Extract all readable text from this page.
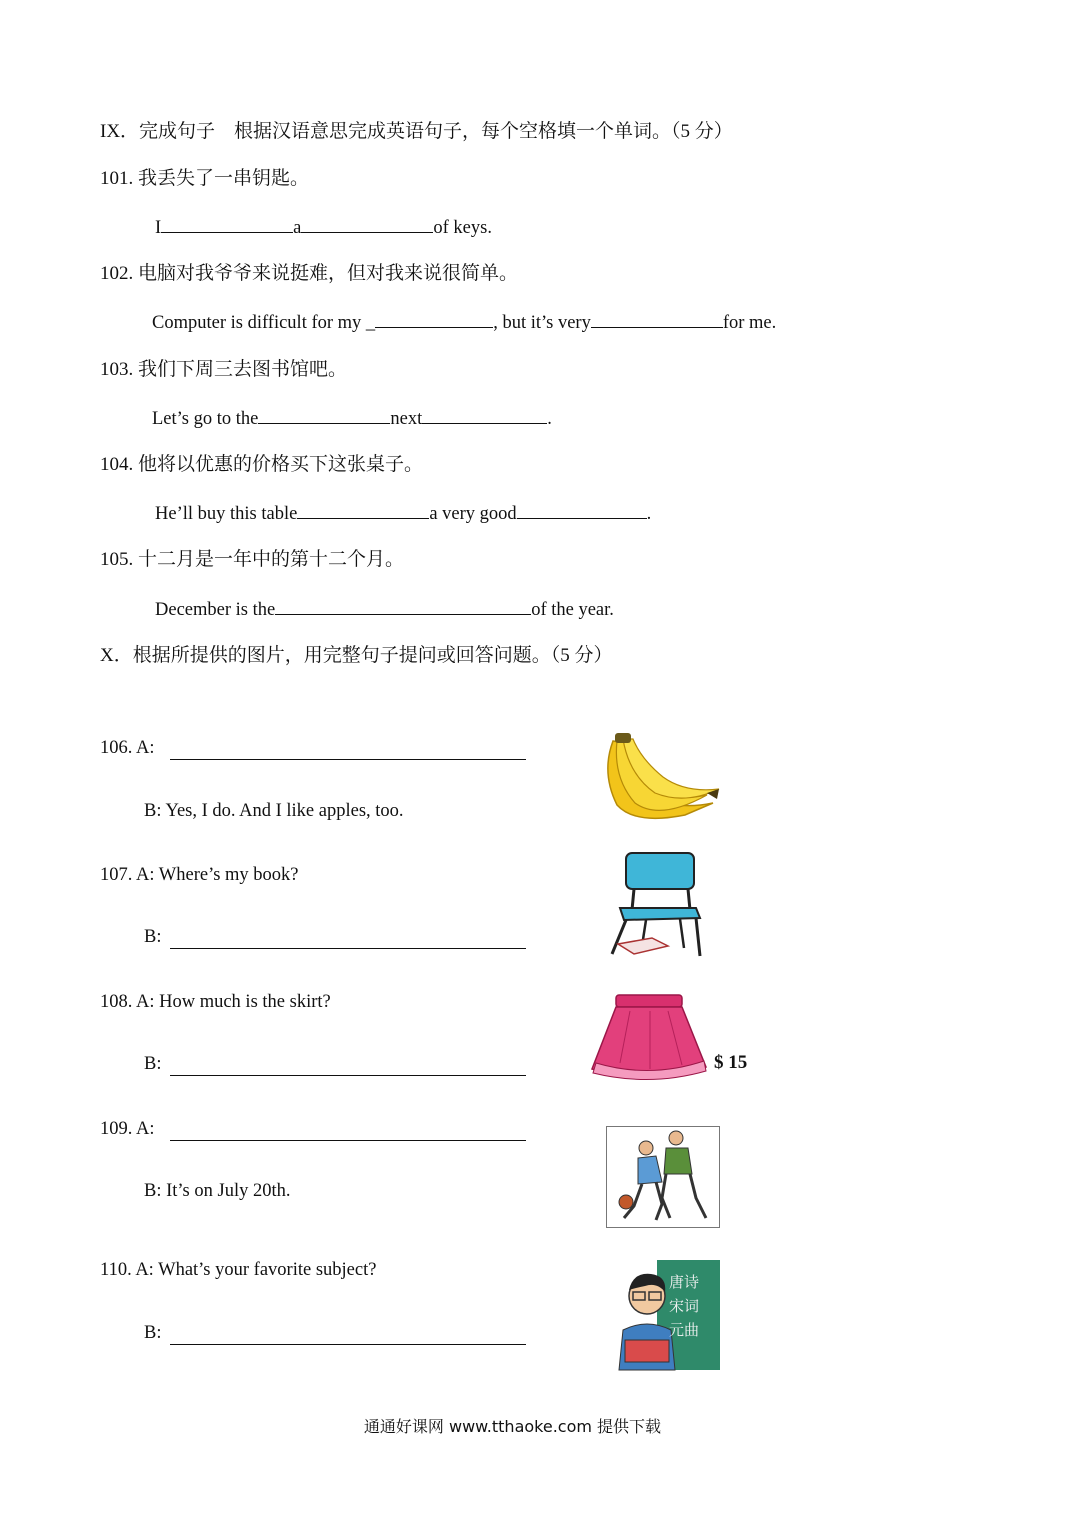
IX．完成句子　根据汉语意思完成英语句子，每个空格填一个单词。（5 分）
101. 我丢失了一串钥匙。
I	a	of keys.
102. 电脑对我爷爷来说挺难，但对我来说很简单。
Computer is difficult for my _	, but it’s very	for me.
103. 我们下周三去图书馆吧。
Let’s go to the	next	.
104. 他将以优惠的价格买下这张桌子。
He’ll buy this table	a very good	.
105. 十二月是一年中的第十二个月。
December is the	of the year.
X．根据所提供的图片，用完整句子提问或回答问题。（5 分）
106. A:
B: Yes, I do. And I like apples, too.
107. A: Where’s my book?
B:
108. A: How much is the skirt?
B:	$ 15
109. A:
B: It’s on July 20th.
110. A: What’s your favorite subject?
B:
唐诗
宋词
元曲
通通好课网 www.tthaoke.com 提供下载
